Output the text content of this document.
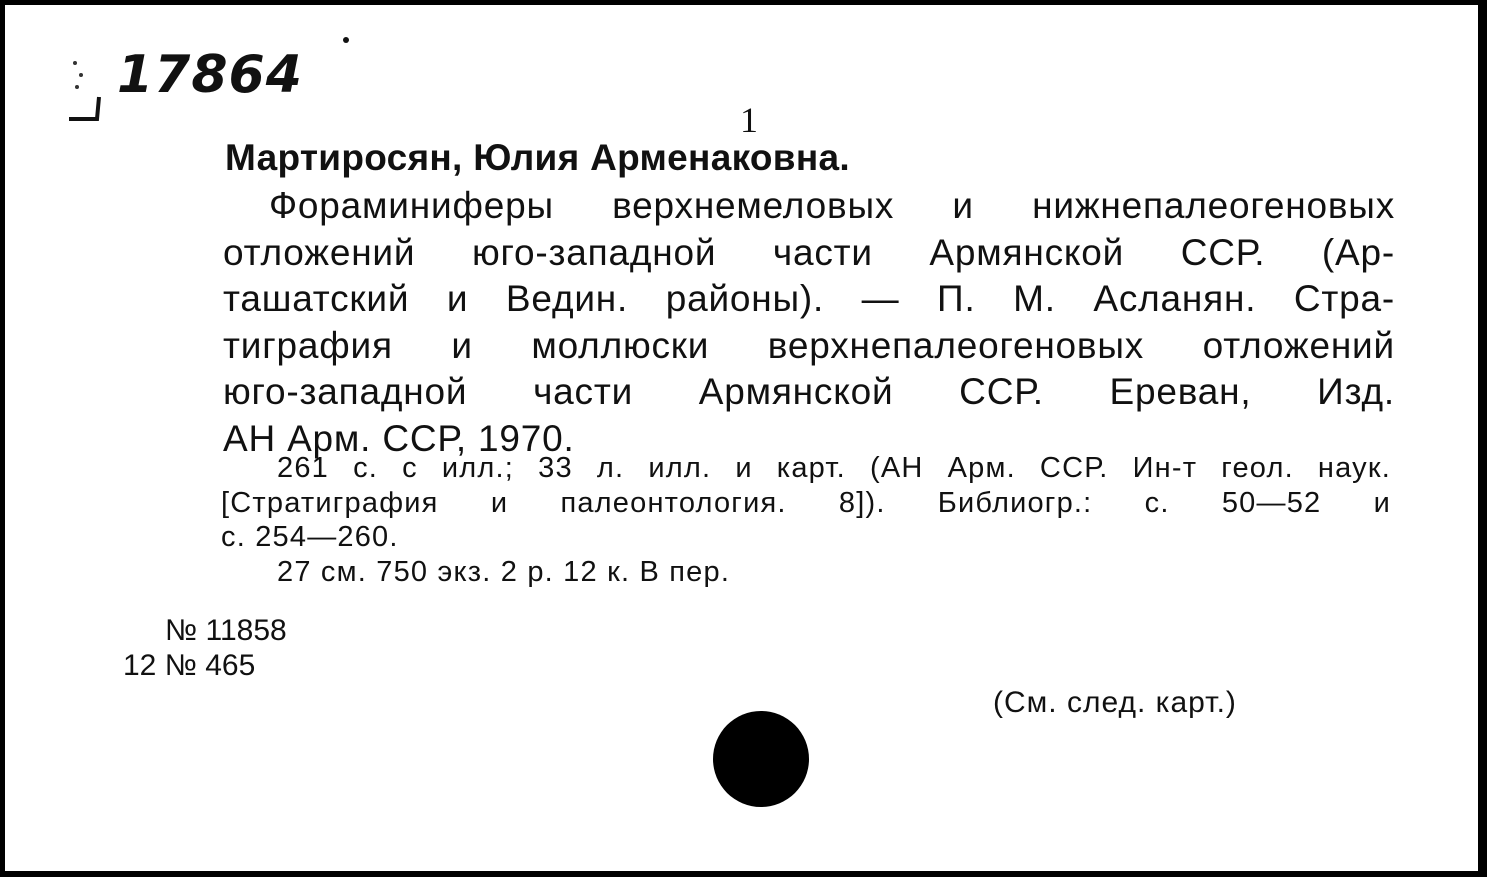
17864
1
Мартиросян, Юлия Арменаковна.
Фораминиферы верхнемеловых и нижнепалеогеновых
отложений юго-западной части Армянской ССР. (Ар-
ташатский и Ведин. районы). — П. М. Асланян. Стра-
тиграфия и моллюски верхнепалеогеновых отложений
юго-западной части Армянской ССР. Ереван, Изд.
АН Арм. ССР, 1970.
261 с. с илл.; 33 л. илл. и карт. (АН Арм. ССР. Ин-т геол. наук.
[Стратиграфия и палеонтология. 8]). Библиогр.: с. 50—52 и
с. 254—260.
27 см. 750 экз. 2 р. 12 к. В пер.
№ 11858
12 № 465
(См. след. карт.)
